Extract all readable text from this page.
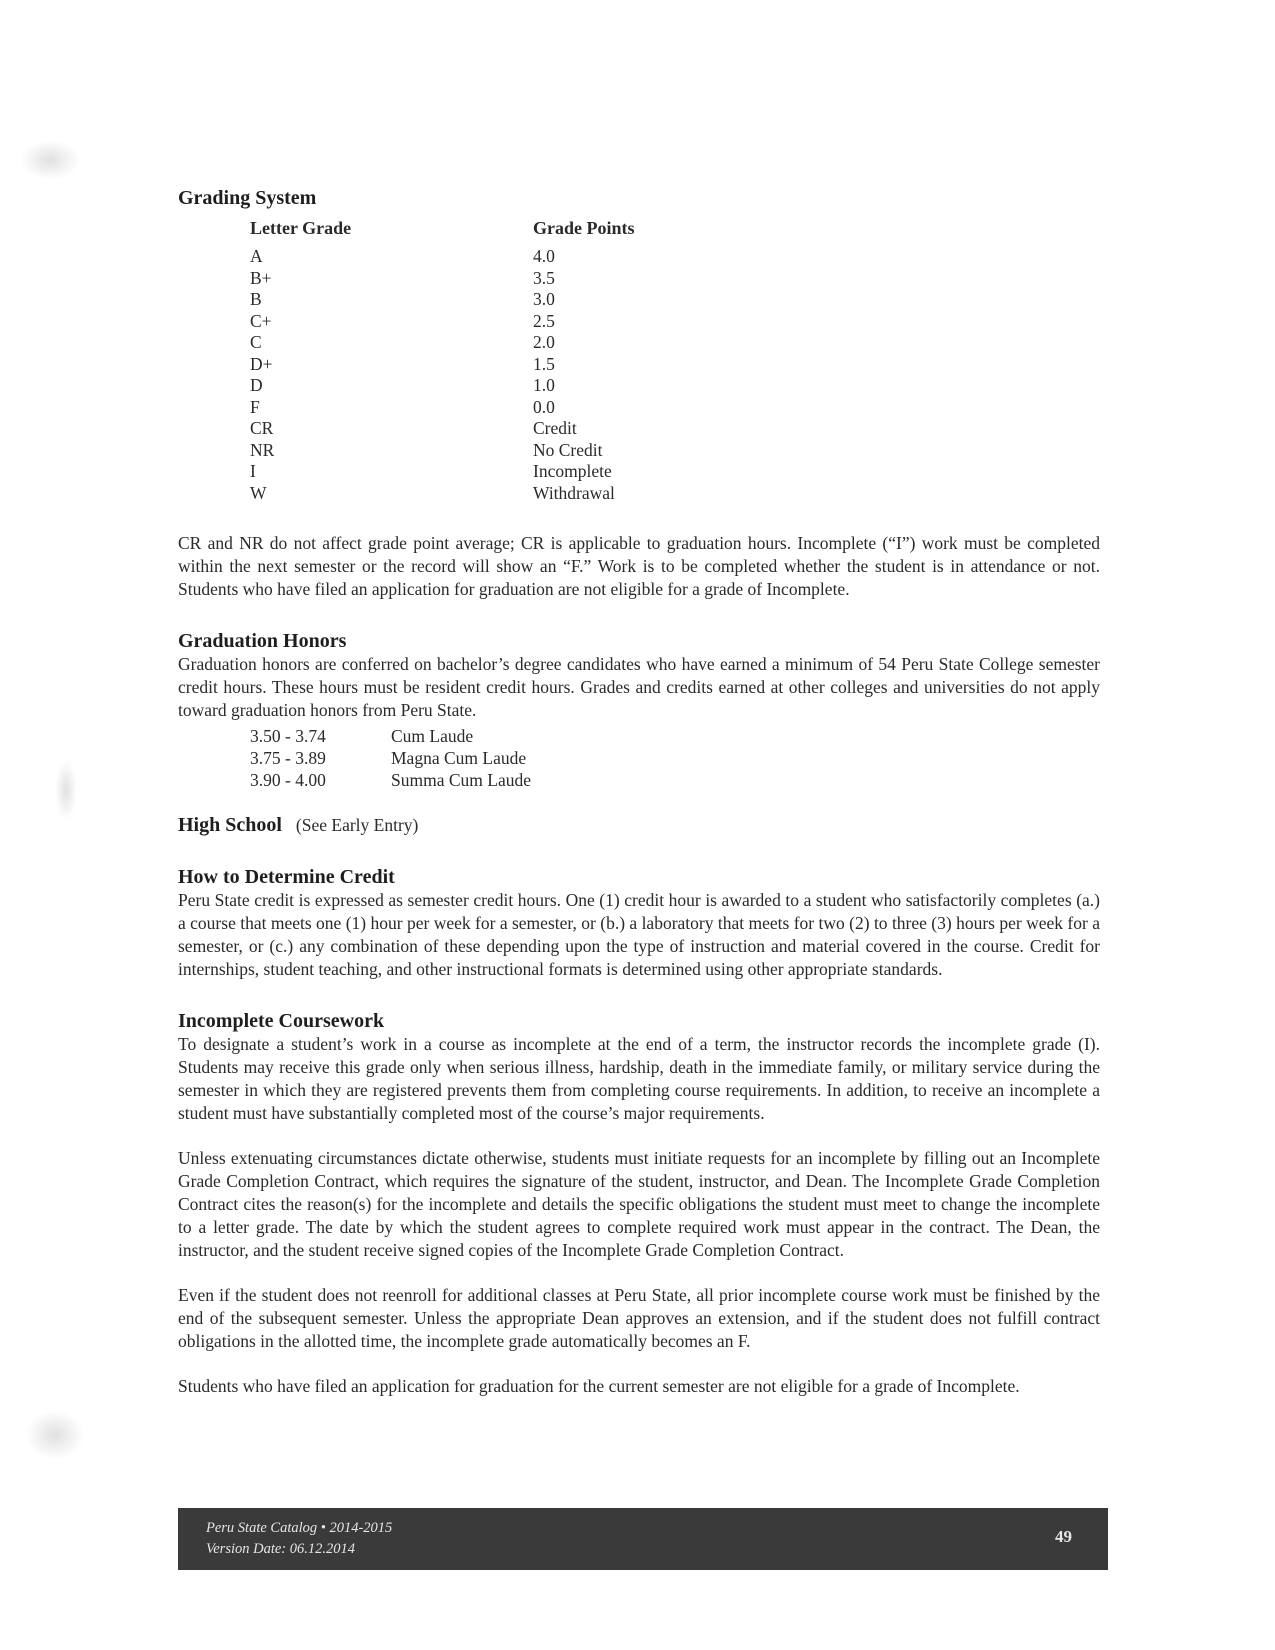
Grading System
Letter Grade	Grade Points
A	4.0
B+	3.5
B	3.0
C+	2.5
C	2.0
D+	1.5
D	1.0
F	0.0
CR	Credit
NR	No Credit
I	Incomplete
W	Withdrawal

CR and NR do not affect grade point average; CR is applicable to graduation hours. Incomplete (“I”) work must be completed within the next semester or the record will show an “F.” Work is to be completed whether the student is in attendance or not. Students who have filed an application for graduation are not eligible for a grade of Incomplete.

Graduation Honors

Graduation honors are conferred on bachelor’s degree candidates who have earned a minimum of 54 Peru State College semester credit hours. These hours must be resident credit hours. Grades and credits earned at other colleges and universities do not apply toward graduation honors from Peru State.

3.50 - 3.74	Cum Laude
3.75 - 3.89	Magna Cum Laude
3.90 - 4.00	Summa Cum Laude
High School (See Early Entry)
How to Determine Credit

Peru State credit is expressed as semester credit hours. One (1) credit hour is awarded to a student who satisfactorily completes (a.) a course that meets one (1) hour per week for a semester, or (b.) a laboratory that meets for two (2) to three (3) hours per week for a semester, or (c.) any combination of these depending upon the type of instruction and material covered in the course. Credit for internships, student teaching, and other instructional formats is determined using other appropriate standards.

Incomplete Coursework

To designate a student’s work in a course as incomplete at the end of a term, the instructor records the incomplete grade (I). Students may receive this grade only when serious illness, hardship, death in the immediate family, or military service during the semester in which they are registered prevents them from completing course requirements. In addition, to receive an incomplete a student must have substantially completed most of the course’s major requirements.

Unless extenuating circumstances dictate otherwise, students must initiate requests for an incomplete by filling out an Incomplete Grade Completion Contract, which requires the signature of the student, instructor, and Dean. The Incomplete Grade Completion Contract cites the reason(s) for the incomplete and details the specific obligations the student must meet to change the incomplete to a letter grade. The date by which the student agrees to complete required work must appear in the contract. The Dean, the instructor, and the student receive signed copies of the Incomplete Grade Completion Contract.

Even if the student does not reenroll for additional classes at Peru State, all prior incomplete course work must be finished by the end of the subsequent semester. Unless the appropriate Dean approves an extension, and if the student does not fulfill contract obligations in the allotted time, the incomplete grade automatically becomes an F.

Students who have filed an application for graduation for the current semester are not eligible for a grade of Incomplete.

Peru State Catalog • 2014-2015
Version Date: 06.12.2014
49
